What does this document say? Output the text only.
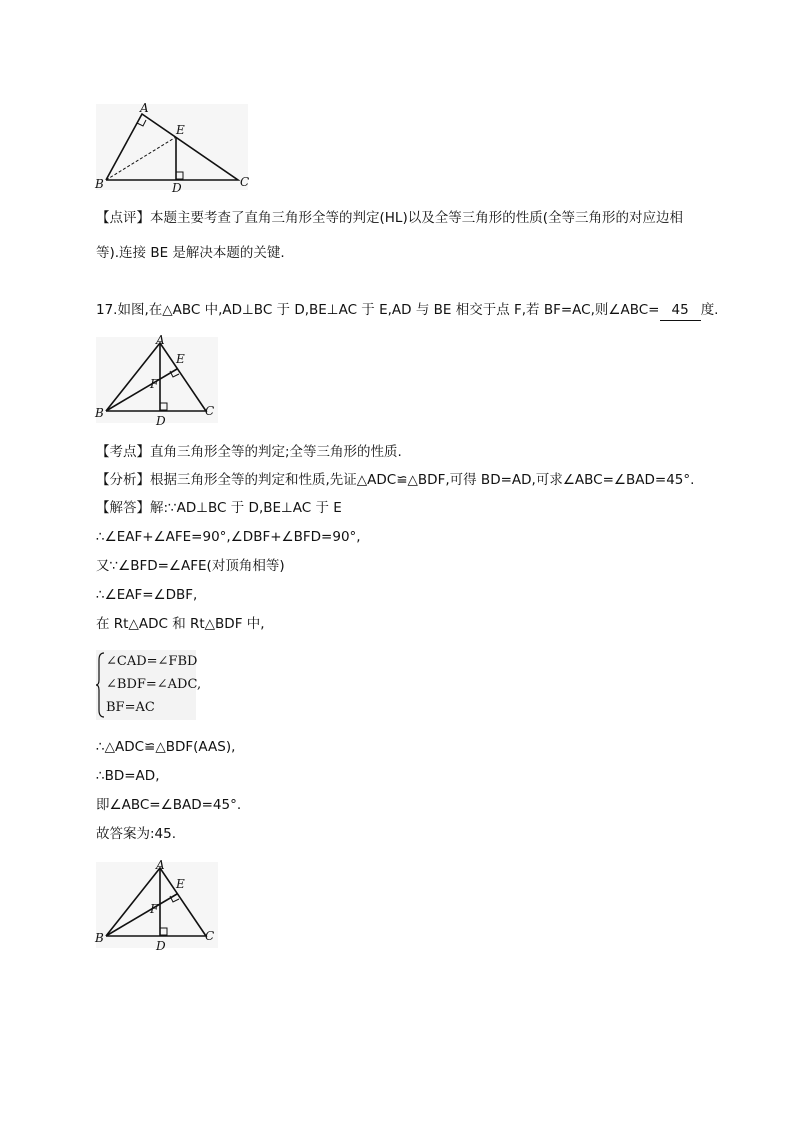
A
B	C
D
E
【点评】本题主要考查了直角三角形全等的判定(HL)以及全等三角形的性质(全等三角形的对应边相
等).连接 BE 是解决本题的关键.
17.如图,在△ABC 中,AD⊥BC 于 D,BE⊥AC 于 E,AD 与 BE 相交于点 F,若 BF=AC,则∠ABC= 45 度.
A
B	C
D
E
F
【考点】直角三角形全等的判定;全等三角形的性质.
【分析】根据三角形全等的判定和性质,先证△ADC≌△BDF,可得 BD=AD,可求∠ABC=∠BAD=45°.
【解答】解:∵AD⊥BC 于 D,BE⊥AC 于 E
∴∠EAF+∠AFE=90°,∠DBF+∠BFD=90°,
又∵∠BFD=∠AFE(对顶角相等)
∴∠EAF=∠DBF,
在 Rt△ADC 和 Rt△BDF 中,
∠CAD=∠FBD
∠BDF=∠ADC,
BF=AC
∴△ADC≌△BDF(AAS),
∴BD=AD,
即∠ABC=∠BAD=45°.
故答案为:45.
A
B	C
D
E
F
